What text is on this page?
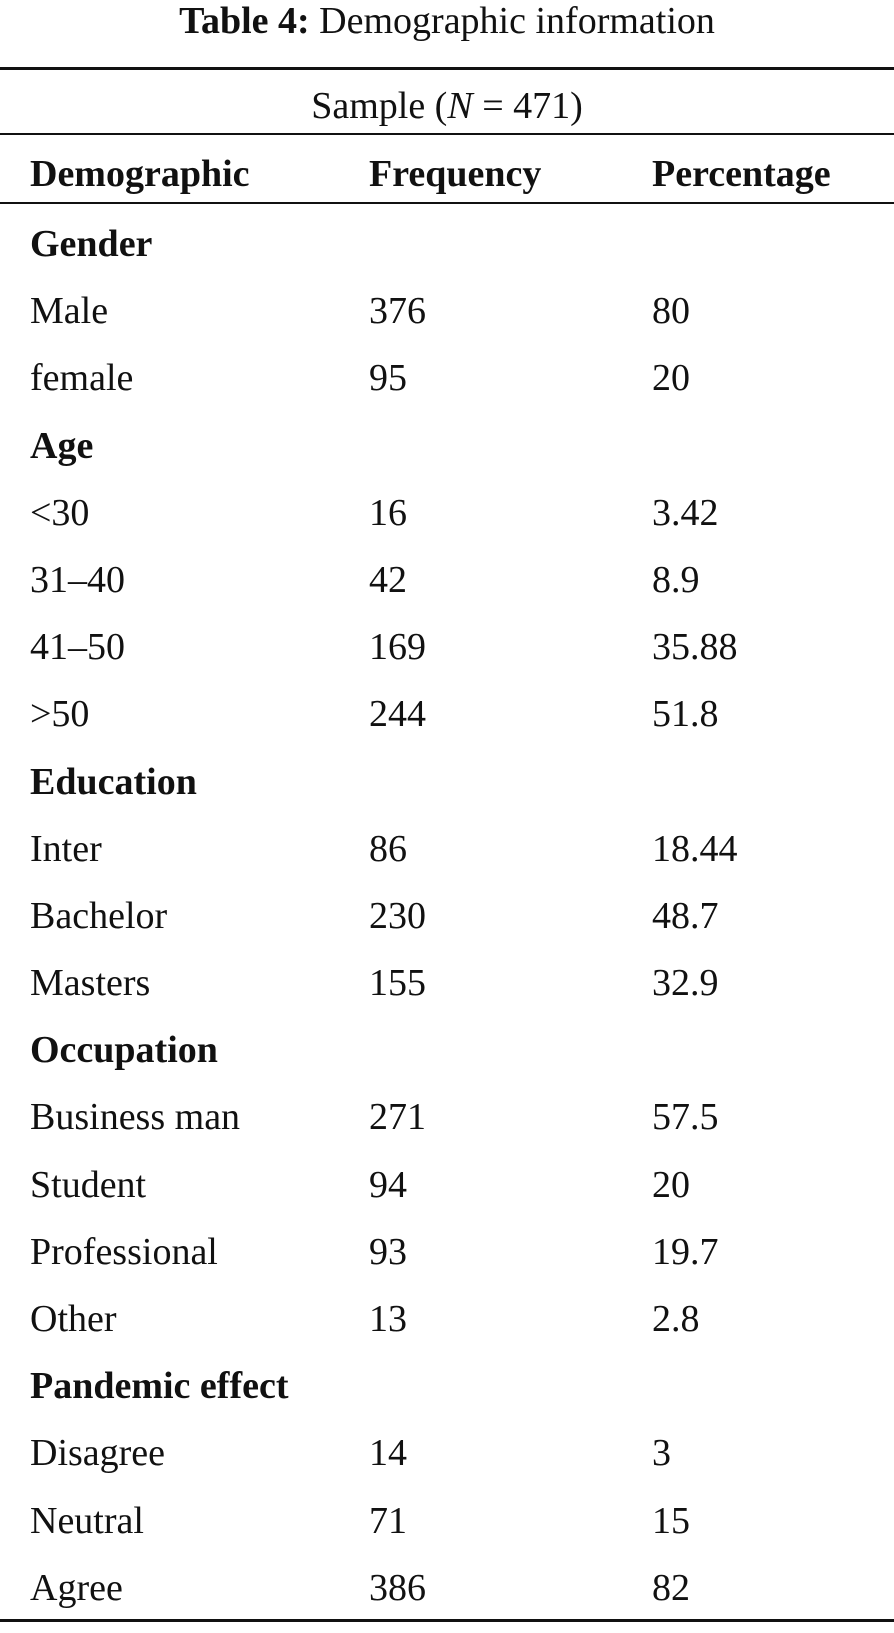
Table 4: Demographic information
Sample (N = 471)
Demographic	Frequency	Percentage
Gender
Male	376	80
female	95	20
Age
<30	16	3.42
31–40	42	8.9
41–50	169	35.88
>50	244	51.8
Education
Inter	86	18.44
Bachelor	230	48.7
Masters	155	32.9
Occupation
Business man	271	57.5
Student	94	20
Professional	93	19.7
Other	13	2.8
Pandemic effect
Disagree	14	3
Neutral	71	15
Agree	386	82
